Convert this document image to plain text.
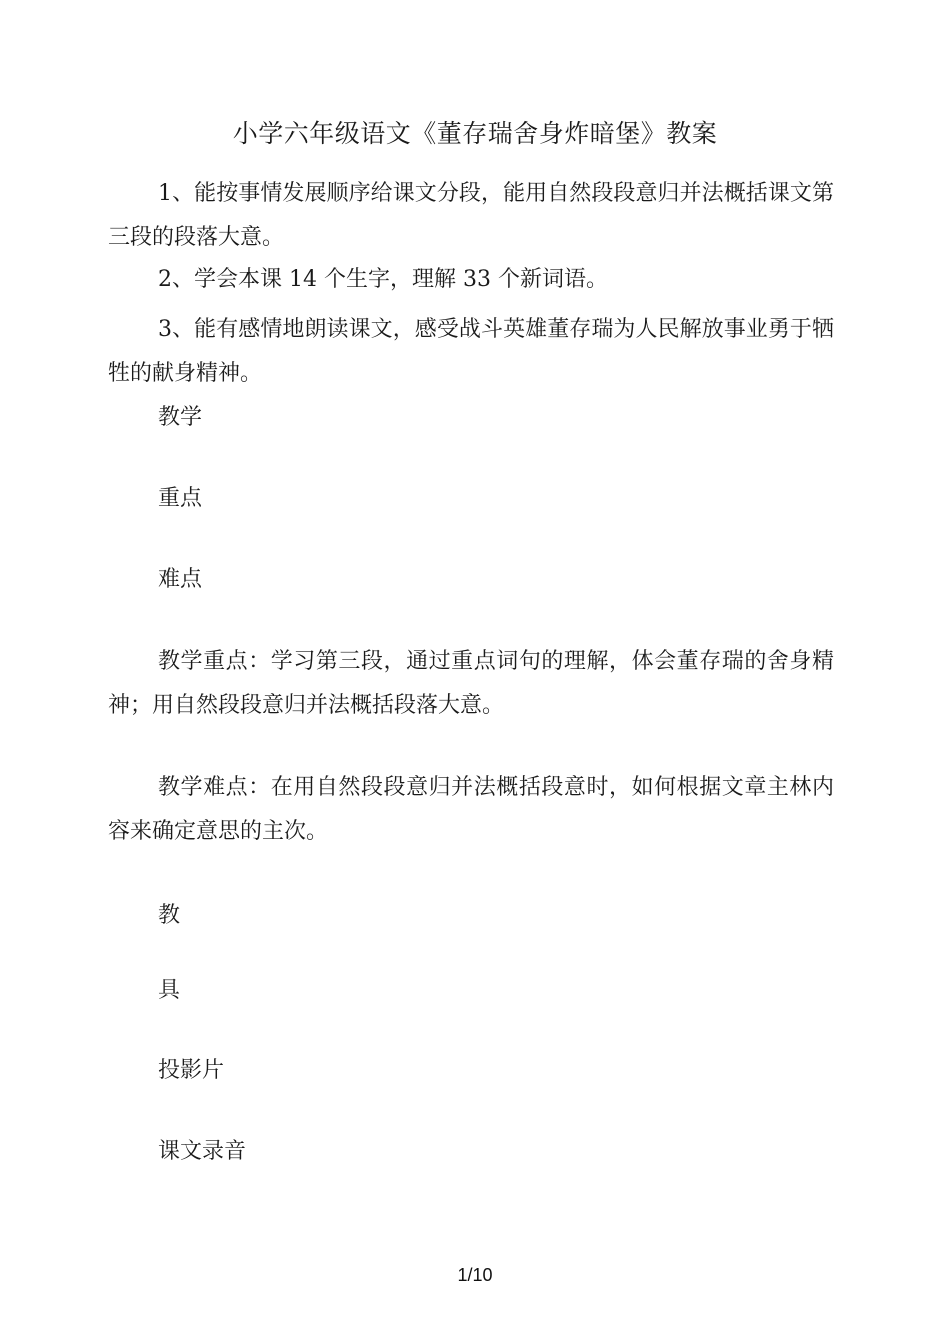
小学六年级语文《董存瑞舍身炸暗堡》教案

1、能按事情发展顺序给课文分段，能用自然段段意归并法概括课文第三段的段落大意。

2、学会本课 14 个生字，理解 33 个新词语。

3、能有感情地朗读课文，感受战斗英雄董存瑞为人民解放事业勇于牺牲的献身精神。

教学

重点

难点

教学重点：学习第三段，通过重点词句的理解，体会董存瑞的舍身精神；用自然段段意归并法概括段落大意。

教学难点：在用自然段段意归并法概括段意时，如何根据文章主林内容来确定意思的主次。

教

具

投影片

课文录音

1/10
